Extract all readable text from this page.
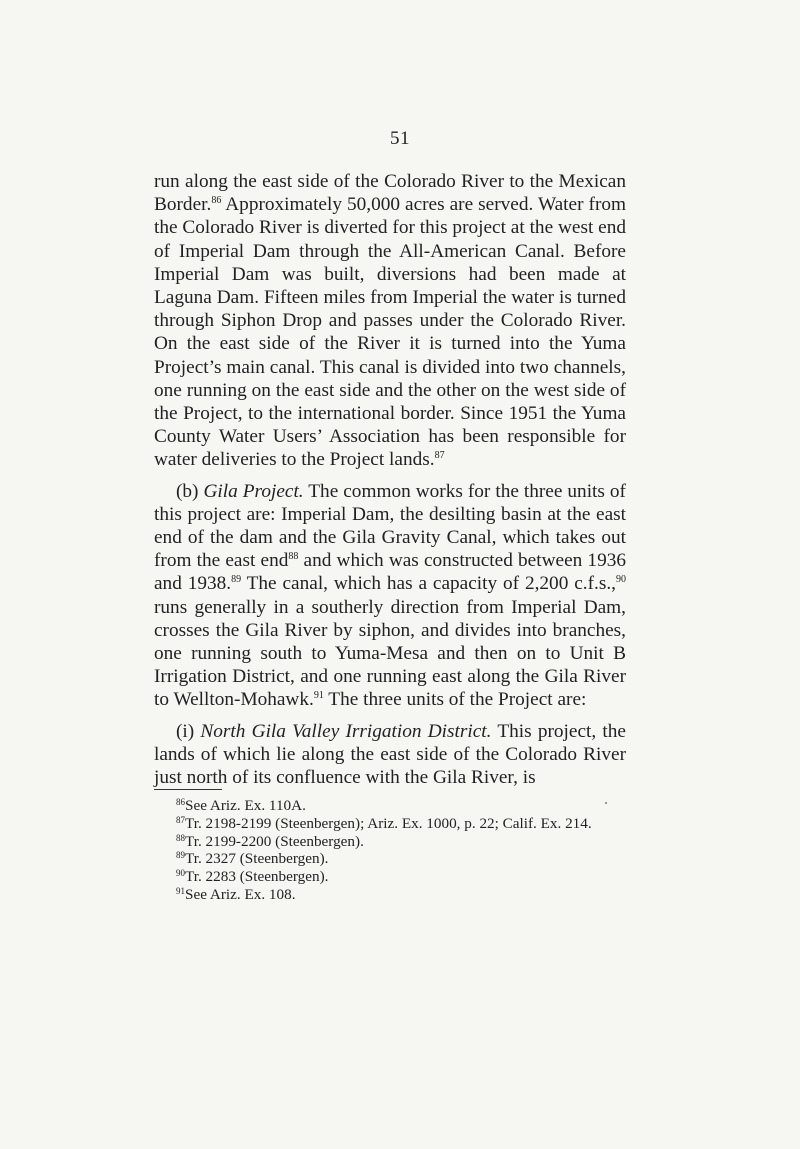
51

run along the east side of the Colorado River to the Mexican Border.$^{86}$ Approximately 50,000 acres are served. Water from the Colorado River is diverted for this project at the west end of Imperial Dam through the All-American Canal. Before Imperial Dam was built, diversions had been made at Laguna Dam. Fifteen miles from Imperial the water is turned through Siphon Drop and passes under the Colorado River. On the east side of the River it is turned into the Yuma Project’s main canal. This canal is divided into two channels, one running on the east side and the other on the west side of the Project, to the international border. Since 1951 the Yuma County Water Users’ Association has been responsible for water deliveries to the Project lands.$^{87}$

(b) Gila Project. The common works for the three units of this project are: Imperial Dam, the desilting basin at the east end of the dam and the Gila Gravity Canal, which takes out from the east end$^{88}$ and which was constructed between 1936 and 1938.89 The canal, which has a capacity of 2,200 c.f.s.,$^{90}$ runs generally in a southerly direction from Imperial Dam, crosses the Gila River by siphon, and divides into branches, one running south to Yuma-Mesa and then on to Unit B Irrigation District, and one running east along the Gila River to Wellton-Mohawk.$^{91}$ The three units of the Project are:

(i) North Gila Valley Irrigation District. This project, the lands of which lie along the east side of the Colorado River just north of its confluence with the Gila River, is

$^{86}$See Ariz. Ex. 110A.

$^{87}$Tr. 2198-2199 (Steenbergen); Ariz. Ex. 1000, p. 22; Calif. Ex. 214.

$^{88}$Tr. 2199-2200 (Steenbergen).

$^{89}$Tr. 2327 (Steenbergen).

$^{90}$Tr. 2283 (Steenbergen).

$^{91}$See Ariz. Ex. 108.
